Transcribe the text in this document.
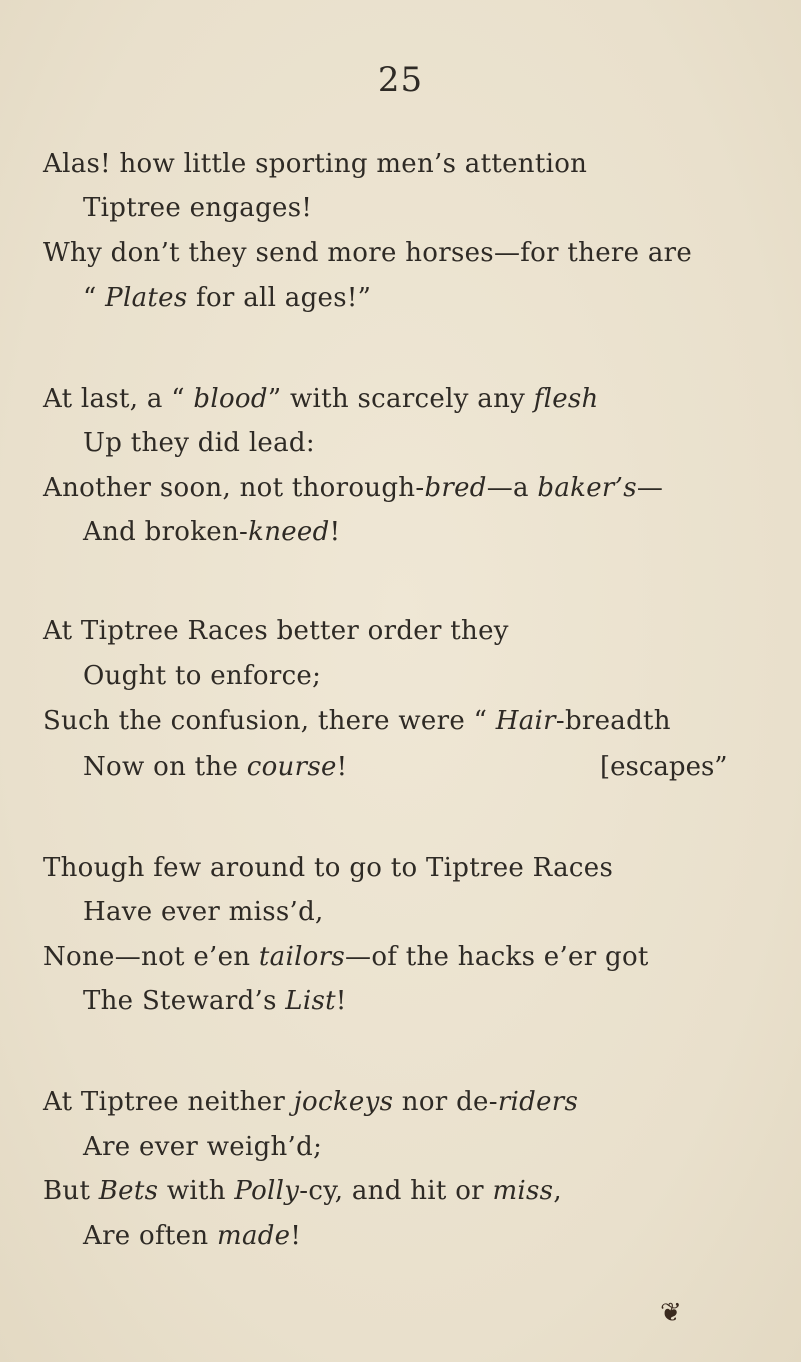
25
Alas! how little sporting men’s attention
Tiptree engages!
Why don’t they send more horses—for there are
“ Plates for all ages!”
At last, a “ blood” with scarcely any flesh
Up they did lead:
Another soon, not thorough-bred—a baker’s—
And broken-kneed!
At Tiptree Races better order they
Ought to enforce;
Such the confusion, there were “ Hair-breadth
Now on the course!	[escapes”
Though few around to go to Tiptree Races
Have ever miss’d,
None—not e’en tailors—of the hacks e’er got
The Steward’s List!
At Tiptree neither jockeys nor de-riders
Are ever weigh’d;
But Bets with Polly-cy, and hit or miss,
Are often made!
❦
